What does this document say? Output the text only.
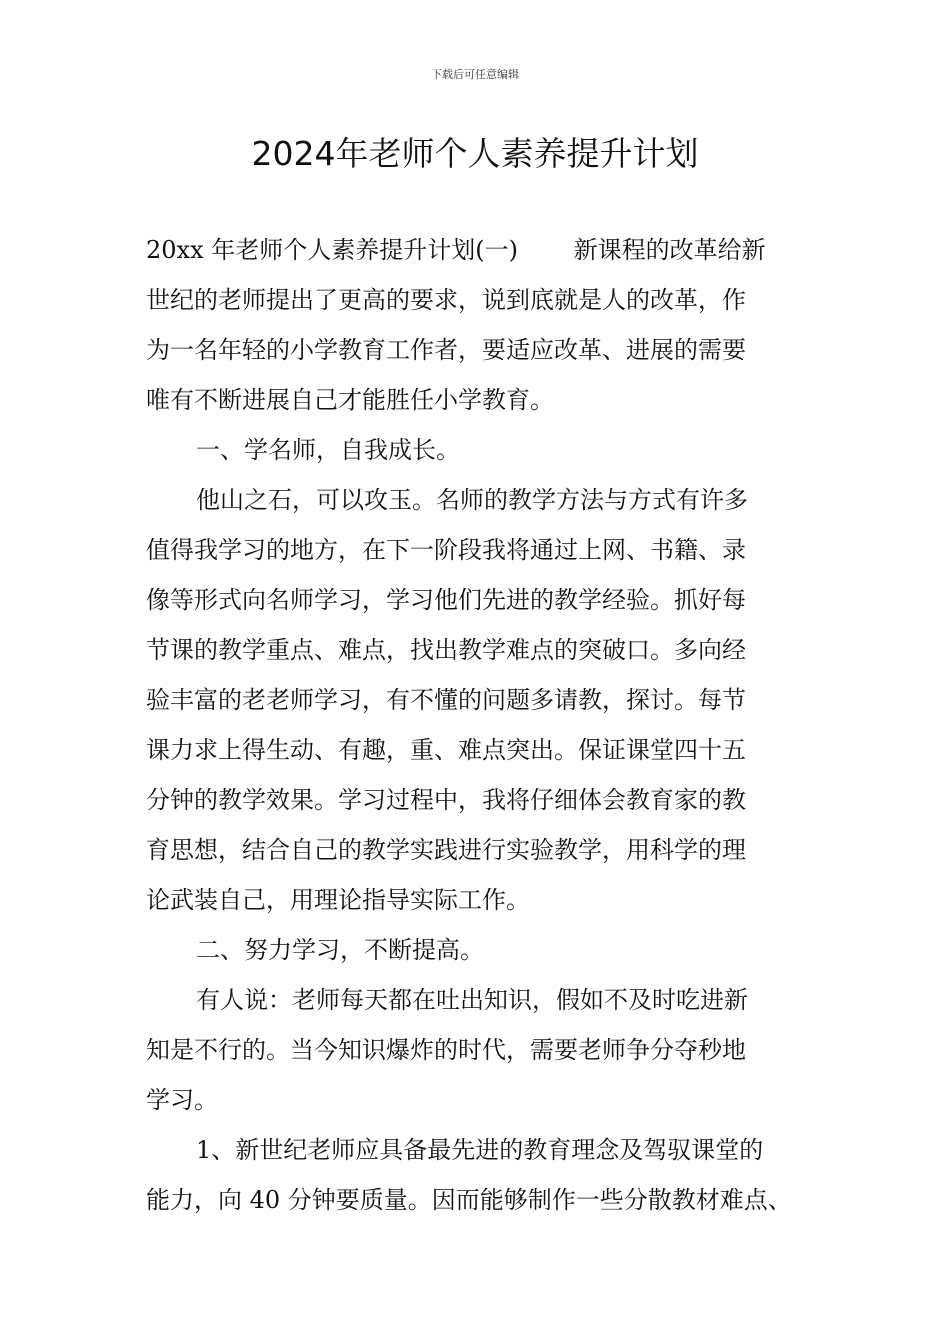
下载后可任意编辑
2024年老师个人素养提升计划
20xx 年老师个人素养提升计划(一)　　 新课程的改革给新
世纪的老师提出了更高的要求，说到底就是人的改革，作
为一名年轻的小学教育工作者，要适应改革、进展的需要
唯有不断进展自己才能胜任小学教育。
一、学名师，自我成长。
他山之石，可以攻玉。名师的教学方法与方式有许多
值得我学习的地方，在下一阶段我将通过上网、书籍、录
像等形式向名师学习，学习他们先进的教学经验。抓好每
节课的教学重点、难点，找出教学难点的突破口。多向经
验丰富的老老师学习，有不懂的问题多请教，探讨。每节
课力求上得生动、有趣，重、难点突出。保证课堂四十五
分钟的教学效果。学习过程中，我将仔细体会教育家的教
育思想，结合自己的教学实践进行实验教学，用科学的理
论武装自己，用理论指导实际工作。
二、努力学习，不断提高。
有人说：老师每天都在吐出知识，假如不及时吃进新
知是不行的。当今知识爆炸的时代，需要老师争分夺秒地
学习。
1、新世纪老师应具备最先进的教育理念及驾驭课堂的
能力，向 40 分钟要质量。因而能够制作一些分散教材难点、
